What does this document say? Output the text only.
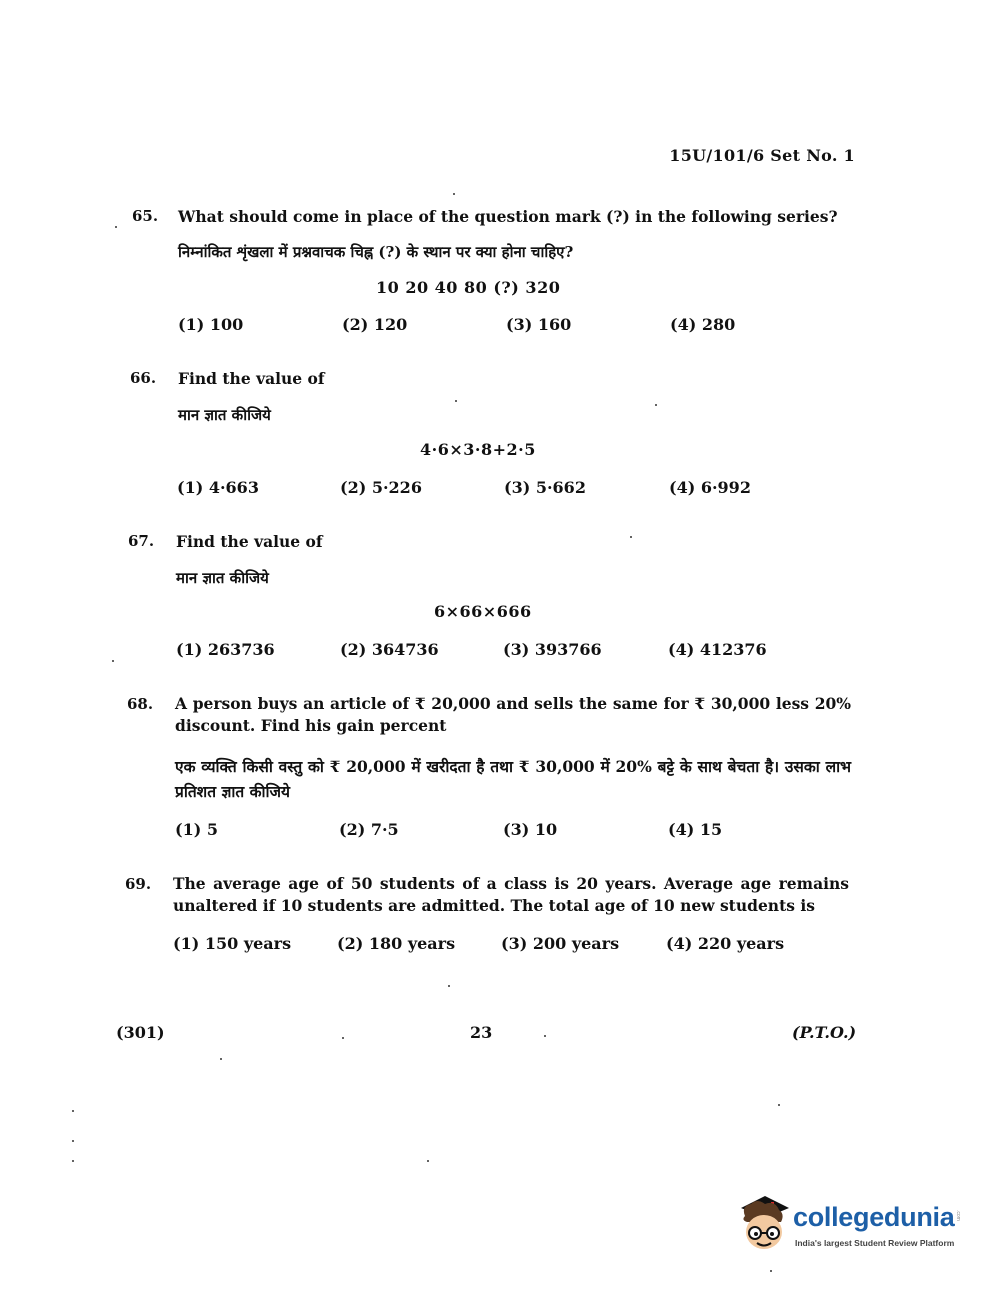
15U/101/6 Set No. 1
65. What should come in place of the question mark (?) in the following series?
निम्नांकित शृंखला में प्रश्नवाचक चिह्न (?) के स्थान पर क्या होना चाहिए?
10 20 40 80 (?) 320
(1) 100	(2) 120	(3) 160	(4) 280
66. Find the value of
मान ज्ञात कीजिये
4·6×3·8+2·5
(1) 4·663	(2) 5·226	(3) 5·662	(4) 6·992
67. Find the value of
मान ज्ञात कीजिये
6×66×666
(1) 263736	(2) 364736	(3) 393766	(4) 412376
68. A person buys an article of ₹ 20,000 and sells the same for ₹ 30,000 less 20% discount. Find his gain percent
एक व्यक्ति किसी वस्तु को ₹ 20,000 में खरीदता है तथा ₹ 30,000 में 20% बट्टे के साथ बेचता है। उसका लाभ प्रतिशत ज्ञात कीजिये
(1) 5	(2) 7·5	(3) 10	(4) 15
69. The average age of 50 students of a class is 20 years. Average age remains unaltered if 10 students are admitted. The total age of 10 new students is
(1) 150 years	(2) 180 years	(3) 200 years	(4) 220 years
(301)	23	(P.T.O.)
collegedunia .com
India's largest Student Review Platform
